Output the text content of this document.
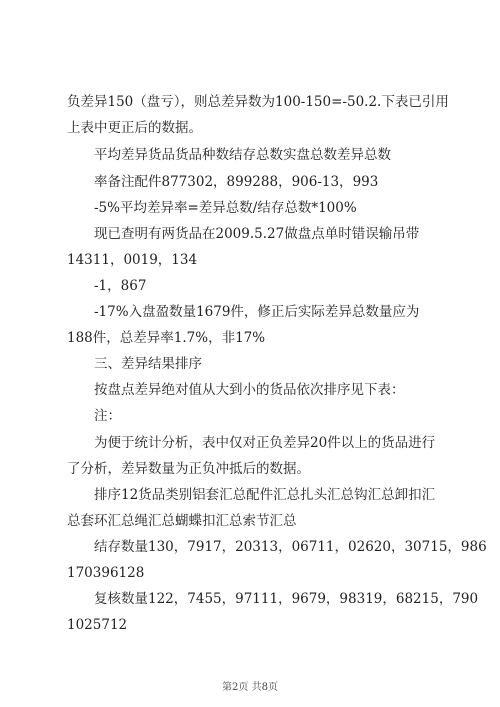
负差异150（盘亏），则总差异数为100-150=-50.2.下表已引用
上表中更正后的数据。
平均差异货品货品种数结存总数实盘总数差异总数
率备注配件877302，899288，906-13，993
-5%平均差异率=差异总数/结存总数*100%
现已查明有两货品在2009.5.27做盘点单时错误输吊带
14311，0019，134
-1，867
-17%入盘盈数量1679件，修正后实际差异总数量应为
188件，总差异率1.7%，非17%
三、差异结果排序
按盘点差异绝对值从大到小的货品依次排序见下表：
注：
为便于统计分析，表中仅对正负差异20件以上的货品进行
了分析，差异数量为正负冲抵后的数据。
排序12货品类别铝套汇总配件汇总扎头汇总钩汇总卸扣汇
总套环汇总绳汇总蝴蝶扣汇总索节汇总
结存数量130，7917，20313，06711，02620，30715，986
170396128
复核数量122，7455，97111，9679，98319，68215，790
1025712
第2页 共8页
